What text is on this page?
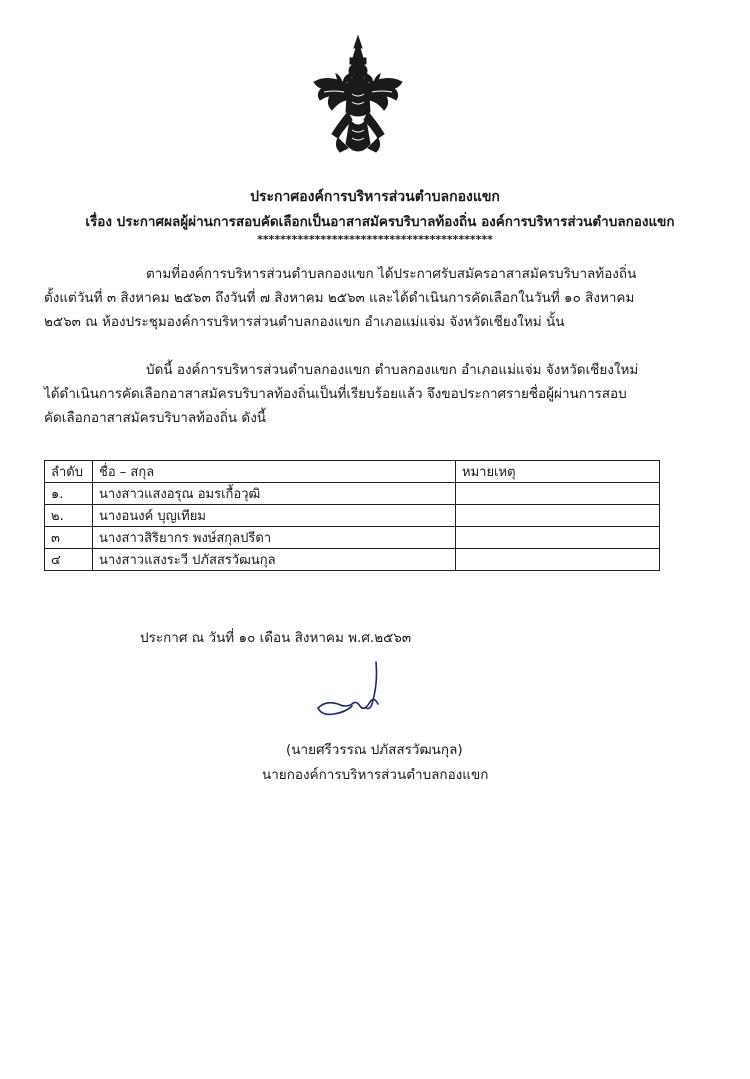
ประกาศองค์การบริหารส่วนตำบลกองแขก
เรื่อง ประกาศผลผู้ผ่านการสอบคัดเลือกเป็นอาสาสมัครบริบาลท้องถิ่น องค์การบริหารส่วนตำบลกองแขก
*****************************************
ตามที่องค์การบริหารส่วนตำบลกองแขก ได้ประกาศรับสมัครอาสาสมัครบริบาลท้องถิ่น
ตั้งแต่วันที่ ๓ สิงหาคม ๒๕๖๓ ถึงวันที่ ๗ สิงหาคม ๒๕๖๓ และได้ดำเนินการคัดเลือกในวันที่ ๑๐ สิงหาคม
๒๕๖๓ ณ ห้องประชุมองค์การบริหารส่วนตำบลกองแขก อำเภอแม่แจ่ม จังหวัดเชียงใหม่ นั้น
บัดนี้ องค์การบริหารส่วนตำบลกองแขก ตำบลกองแขก อำเภอแม่แจ่ม จังหวัดเชียงใหม่
ได้ดำเนินการคัดเลือกอาสาสมัครบริบาลท้องถิ่นเป็นที่เรียบร้อยแล้ว จึงขอประกาศรายชื่อผู้ผ่านการสอบ
คัดเลือกอาสาสมัครบริบาลท้องถิ่น ดังนี้
ลำดับ	ชื่อ – สกุล	หมายเหตุ
๑.	นางสาวแสงอรุณ อมรเกื้อวุฒิ	
๒.	นางอนงค์ บุญเทียม	
๓	นางสาวสิริยากร พงษ์สกุลปรีดา	
๔	นางสาวแสงระวี ปภัสสรวัฒนกุล	
ประกาศ ณ วันที่ ๑๐ เดือน สิงหาคม พ.ศ.๒๕๖๓
(นายศรีวรรณ ปภัสสรวัฒนกุล)
นายกองค์การบริหารส่วนตำบลกองแขก
